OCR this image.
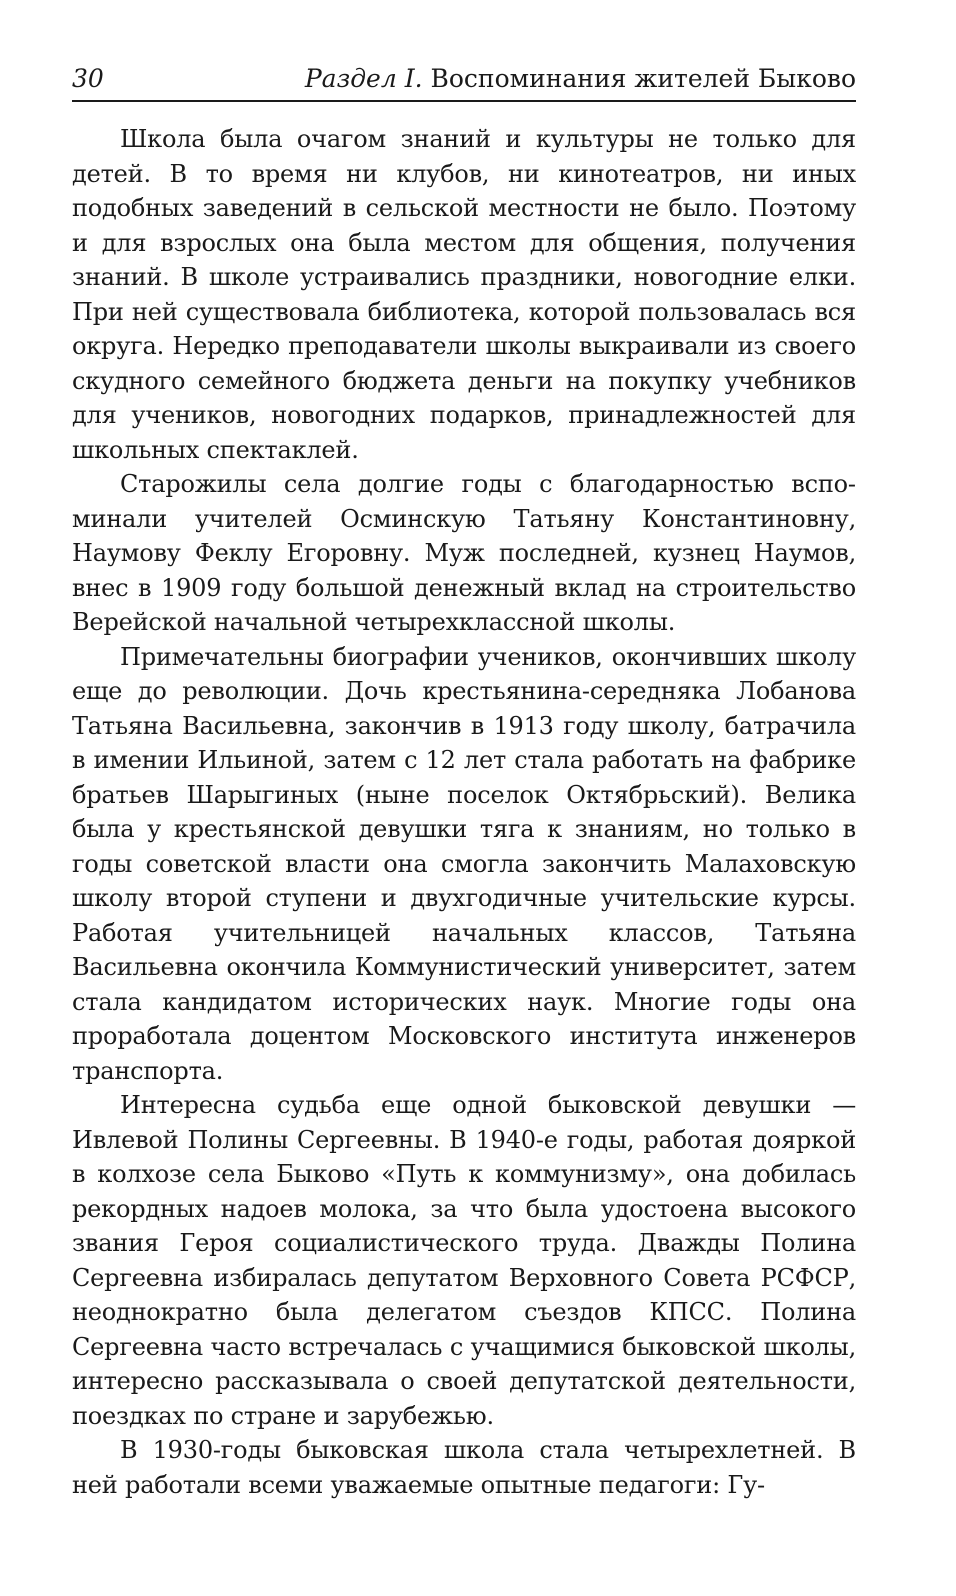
30	Раздел I. Воспоминания жителей Быково

Школа была очагом знаний и культуры не только для детей. В то время ни клубов, ни кинотеатров, ни иных подобных заведений в сельской местности не было. Поэтому и для взрослых она была местом для общения, получения знаний. В школе устраивались праздники, новогодние елки. При ней существовала библиотека, которой пользовалась вся округа. Нередко преподаватели школы выкраивали из своего скудного семейного бюджета деньги на покупку учебников для учеников, новогодних подарков, принадлежностей для школьных спектаклей.

Старожилы села долгие годы с благодарностью вспоминали учителей Осминскую Татьяну Константиновну, Наумову Феклу Егоровну. Муж последней, кузнец Наумов, внес в 1909 году большой денежный вклад на строительство Верейской начальной четырехклассной школы.

Примечательны биографии учеников, окончивших школу еще до революции. Дочь крестьянина-середняка Лобанова Татьяна Васильевна, закончив в 1913 году школу, батрачила в имении Ильиной, затем с 12 лет стала работать на фабрике братьев Шарыгиных (ныне поселок Октябрьский). Велика была у крестьянской девушки тяга к знаниям, но только в годы советской власти она смогла закончить Малаховскую школу второй ступени и двухгодичные учительские курсы. Работая учительницей начальных классов, Татьяна Васильевна окончила Коммунистический университет, затем стала кандидатом исторических наук. Многие годы она проработала доцентом Московского института инженеров транспорта.

Интересна судьба еще одной быковской девушки — Ивлевой Полины Сергеевны. В 1940-е годы, работая дояркой в колхозе села Быково «Путь к коммунизму», она добилась рекордных надоев молока, за что была удостоена высокого звания Героя социалистического труда. Дважды Полина Сергеевна избиралась депутатом Верховного Совета РСФСР, неоднократно была делегатом съездов КПСС. Полина Сергеевна часто встречалась с учащимися быковской школы, интересно рассказывала о своей депутатской деятельности, поездках по стране и зарубежью.

В 1930-годы быковская школа стала четырехлетней. В ней работали всеми уважаемые опытные педагоги: Гу-
